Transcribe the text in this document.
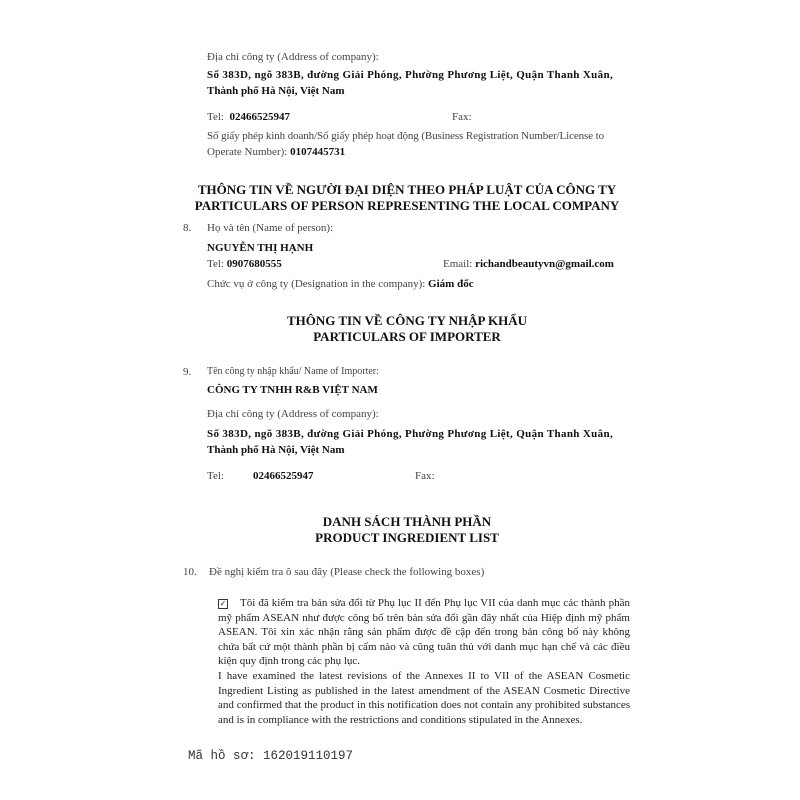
Địa chỉ công ty (Address of company):
Số 383D, ngõ 383B, đường Giải Phóng, Phường Phương Liệt, Quận Thanh Xuân,
Thành phố Hà Nội, Việt Nam
Tel: 02466525947	Fax:
Số giấy phép kinh doanh/Số giấy phép hoạt động (Business Registration Number/License to
Operate Number): 0107445731
THÔNG TIN VỀ NGƯỜI ĐẠI DIỆN THEO PHÁP LUẬT CỦA CÔNG TY
PARTICULARS OF PERSON REPRESENTING THE LOCAL COMPANY
8. Họ và tên (Name of person):
NGUYỄN THỊ HẠNH
Tel: 0907680555	Email: richandbeautyvn@gmail.com
Chức vụ ở công ty (Designation in the company): Giám đốc
THÔNG TIN VỀ CÔNG TY NHẬP KHẨU
PARTICULARS OF IMPORTER
9. Tên công ty nhập khẩu/ Name of Importer:
CÔNG TY TNHH R&B VIỆT NAM
Địa chỉ công ty (Address of company):
Số 383D, ngõ 383B, đường Giải Phóng, Phường Phương Liệt, Quận Thanh Xuân,
Thành phố Hà Nội, Việt Nam
Tel:	02466525947	Fax:
DANH SÁCH THÀNH PHẦN
PRODUCT INGREDIENT LIST
10. Đề nghị kiểm tra ô sau đây (Please check the following boxes)
✓ Tôi đã kiểm tra bản sửa đổi từ Phụ lục II đến Phụ lục VII của danh mục các thành phần mỹ phẩm ASEAN như được công bố trên bản sửa đổi gần đây nhất của Hiệp định mỹ phẩm ASEAN. Tôi xin xác nhận rằng sản phẩm được đề cập đến trong bản công bố này không chứa bất cứ một thành phần bị cấm nào và cũng tuân thủ với danh mục hạn chế và các điều kiện quy định trong các phụ lục.
I have examined the latest revisions of the Annexes II to VII of the ASEAN Cosmetic Ingredient Listing as published in the latest amendment of the ASEAN Cosmetic Directive and confirmed that the product in this notification does not contain any prohibited substances and is in compliance with the restrictions and conditions stipulated in the Annexes.
Mã hồ sơ: 162019110197
